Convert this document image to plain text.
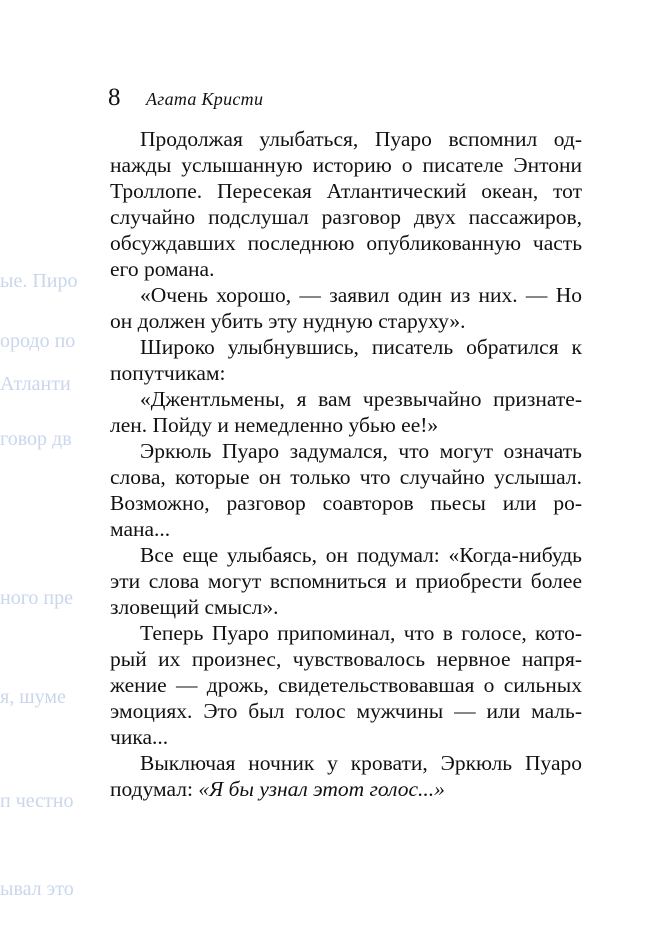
8 Агата Кристи
ые. Пиро
ородо по
Атланти
говор дв
ного пре
я, шуме
п честно
ывал это
Продолжая улыбаться, Пуаро вспомнил од-
нажды услышанную историю о писателе Энтони
Троллопе. Пересекая Атлантический океан, тот
случайно подслушал разговор двух пассажиров,
обсуждавших последнюю опубликованную часть
его романа.
«Очень хорошо, — заявил один из них. — Но
он должен убить эту нудную старуху».
Широко улыбнувшись, писатель обратился к
попутчикам:
«Джентльмены, я вам чрезвычайно признате-
лен. Пойду и немедленно убью ее!»
Эркюль Пуаро задумался, что могут означать
слова, которые он только что случайно услышал.
Возможно, разговор соавторов пьесы или ро-
мана...
Все еще улыбаясь, он подумал: «Когда-нибудь
эти слова могут вспомниться и приобрести более
зловещий смысл».
Теперь Пуаро припоминал, что в голосе, кото-
рый их произнес, чувствовалось нервное напря-
жение — дрожь, свидетельствовавшая о сильных
эмоциях. Это был голос мужчины — или маль-
чика...
Выключая ночник у кровати, Эркюль Пуаро
подумал: «Я бы узнал этот голос...»
